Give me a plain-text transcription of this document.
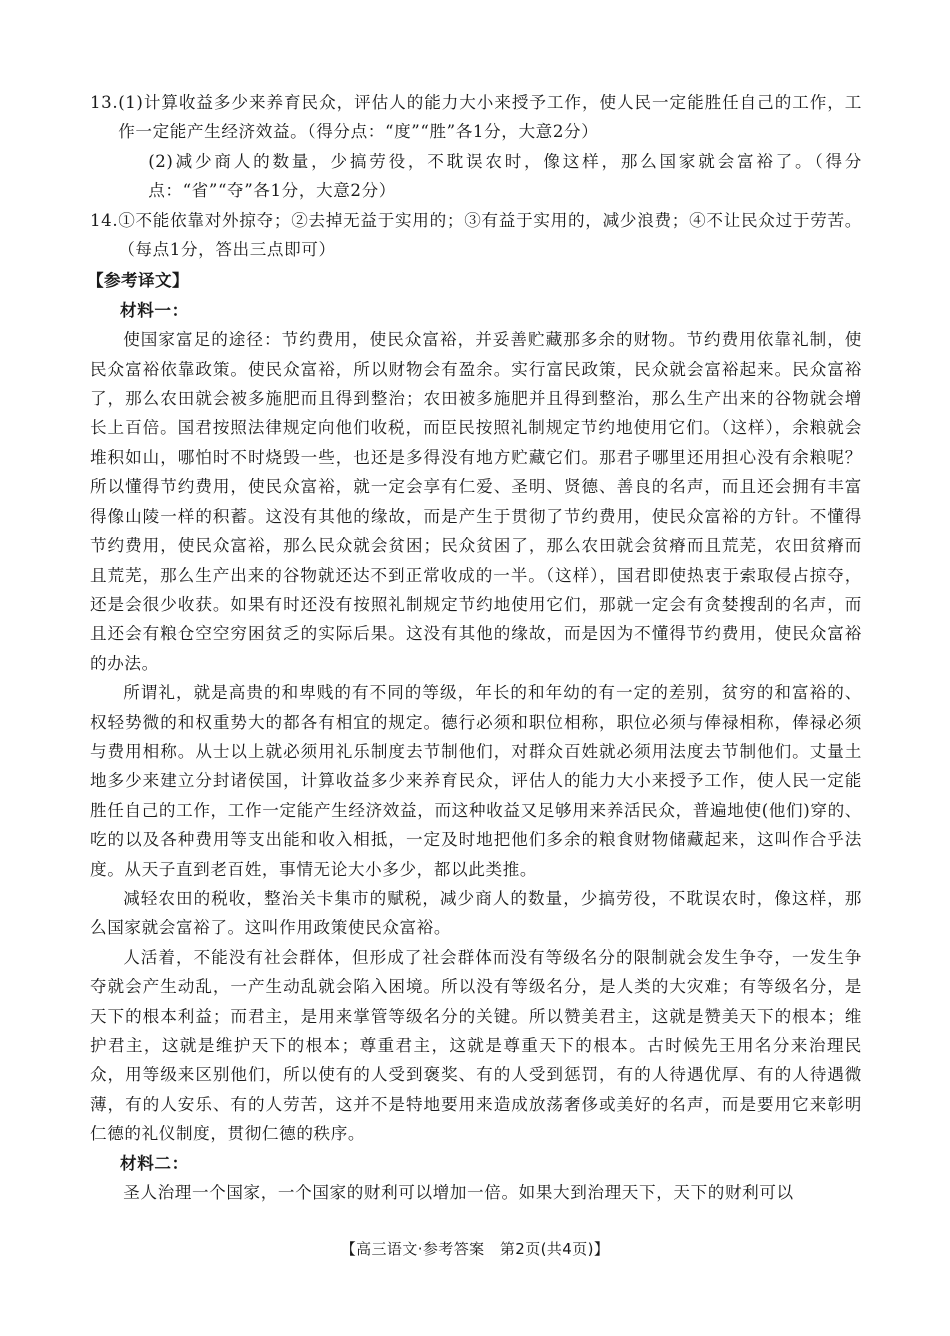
13. (1)计算收益多少来养育民众，评估人的能力大小来授予工作，使人民一定能胜任自己的工作，工作一定能产生经济效益。（得分点：“度”“胜”各1分，大意2分）
(2)减少商人的数量，少搞劳役，不耽误农时，像这样，那么国家就会富裕了。（得分点：“省”“夺”各1分，大意2分）
14. ①不能依靠对外掠夺；②去掉无益于实用的；③有益于实用的，减少浪费；④不让民众过于劳苦。（每点1分，答出三点即可）
【参考译文】
材料一：

使国家富足的途径：节约费用，使民众富裕，并妥善贮藏那多余的财物。节约费用依靠礼制，使民众富裕依靠政策。使民众富裕，所以财物会有盈余。实行富民政策，民众就会富裕起来。民众富裕了，那么农田就会被多施肥而且得到整治；农田被多施肥并且得到整治，那么生产出来的谷物就会增长上百倍。国君按照法律规定向他们收税，而臣民按照礼制规定节约地使用它们。（这样），余粮就会堆积如山，哪怕时不时烧毁一些，也还是多得没有地方贮藏它们。那君子哪里还用担心没有余粮呢？所以懂得节约费用，使民众富裕，就一定会享有仁爱、圣明、贤德、善良的名声，而且还会拥有丰富得像山陵一样的积蓄。这没有其他的缘故，而是产生于贯彻了节约费用，使民众富裕的方针。不懂得节约费用，使民众富裕，那么民众就会贫困；民众贫困了，那么农田就会贫瘠而且荒芜，农田贫瘠而且荒芜，那么生产出来的谷物就还达不到正常收成的一半。（这样），国君即使热衷于索取侵占掠夺，还是会很少收获。如果有时还没有按照礼制规定节约地使用它们，那就一定会有贪婪搜刮的名声，而且还会有粮仓空空穷困贫乏的实际后果。这没有其他的缘故，而是因为不懂得节约费用，使民众富裕的办法。

所谓礼，就是高贵的和卑贱的有不同的等级，年长的和年幼的有一定的差别，贫穷的和富裕的、权轻势微的和权重势大的都各有相宜的规定。德行必须和职位相称，职位必须与俸禄相称，俸禄必须与费用相称。从士以上就必须用礼乐制度去节制他们，对群众百姓就必须用法度去节制他们。丈量土地多少来建立分封诸侯国，计算收益多少来养育民众，评估人的能力大小来授予工作，使人民一定能胜任自己的工作，工作一定能产生经济效益，而这种收益又足够用来养活民众，普遍地使(他们)穿的、吃的以及各种费用等支出能和收入相抵，一定及时地把他们多余的粮食财物储藏起来，这叫作合乎法度。从天子直到老百姓，事情无论大小多少，都以此类推。

减轻农田的税收，整治关卡集市的赋税，减少商人的数量，少搞劳役，不耽误农时，像这样，那么国家就会富裕了。这叫作用政策使民众富裕。

人活着，不能没有社会群体，但形成了社会群体而没有等级名分的限制就会发生争夺，一发生争夺就会产生动乱，一产生动乱就会陷入困境。所以没有等级名分，是人类的大灾难；有等级名分，是天下的根本利益；而君主，是用来掌管等级名分的关键。所以赞美君主，这就是赞美天下的根本；维护君主，这就是维护天下的根本；尊重君主，这就是尊重天下的根本。古时候先王用名分来治理民众，用等级来区别他们，所以使有的人受到褒奖、有的人受到惩罚，有的人待遇优厚、有的人待遇微薄，有的人安乐、有的人劳苦，这并不是特地要用来造成放荡奢侈或美好的名声，而是要用它来彰明仁德的礼仪制度，贯彻仁德的秩序。

材料二：

圣人治理一个国家，一个国家的财利可以增加一倍。如果大到治理天下，天下的财利可以

【高三语文·参考答案　第2页(共4页)】
